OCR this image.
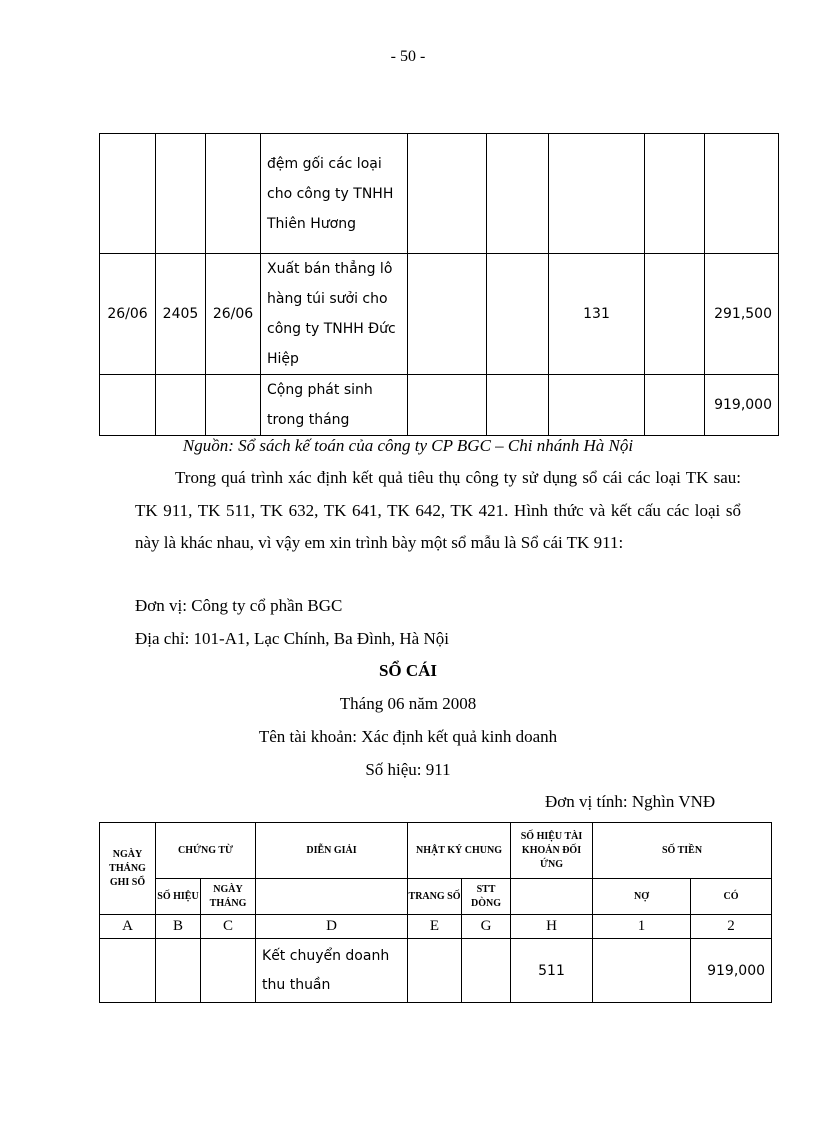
- 50 -
			đệm gối các loại cho công ty TNHH Thiên Hương					
26/06	2405	26/06	Xuất bán thẳng lô hàng túi sưởi cho công ty TNHH Đức Hiệp			131		291,500
			Cộng phát sinh trong tháng					919,000
Nguồn: Sổ sách kế toán của công ty CP BGC – Chi nhánh Hà Nội
Trong quá trình xác định kết quả tiêu thụ công ty sử dụng sổ cái các loại TK sau: TK 911, TK 511, TK 632, TK 641, TK 642, TK 421. Hình thức và kết cấu các loại sổ này là khác nhau, vì vậy em xin trình bày một sổ mẫu là Sổ cái TK 911:
Đơn vị: Công ty cổ phần BGC
Địa chỉ: 101-A1, Lạc Chính, Ba Đình, Hà Nội
SỔ CÁI
Tháng 06 năm 2008
Tên tài khoản: Xác định kết quả kinh doanh
Số hiệu: 911
Đơn vị tính: Nghìn VNĐ
NGÀY THÁNG GHI SỔ	CHỨNG TỪ		DIỄN GIẢI	NHẬT KÝ CHUNG		SỐ HIỆU TÀI KHOẢN ĐỐI ỨNG	SỐ TIỀN	
	SỐ HIỆU	NGÀY THÁNG		TRANG SỐ	STT DÒNG		NỢ	CÓ
A	B	C	D	E	G	H	1	2
			Kết chuyển doanh thu thuần			511		919,000
